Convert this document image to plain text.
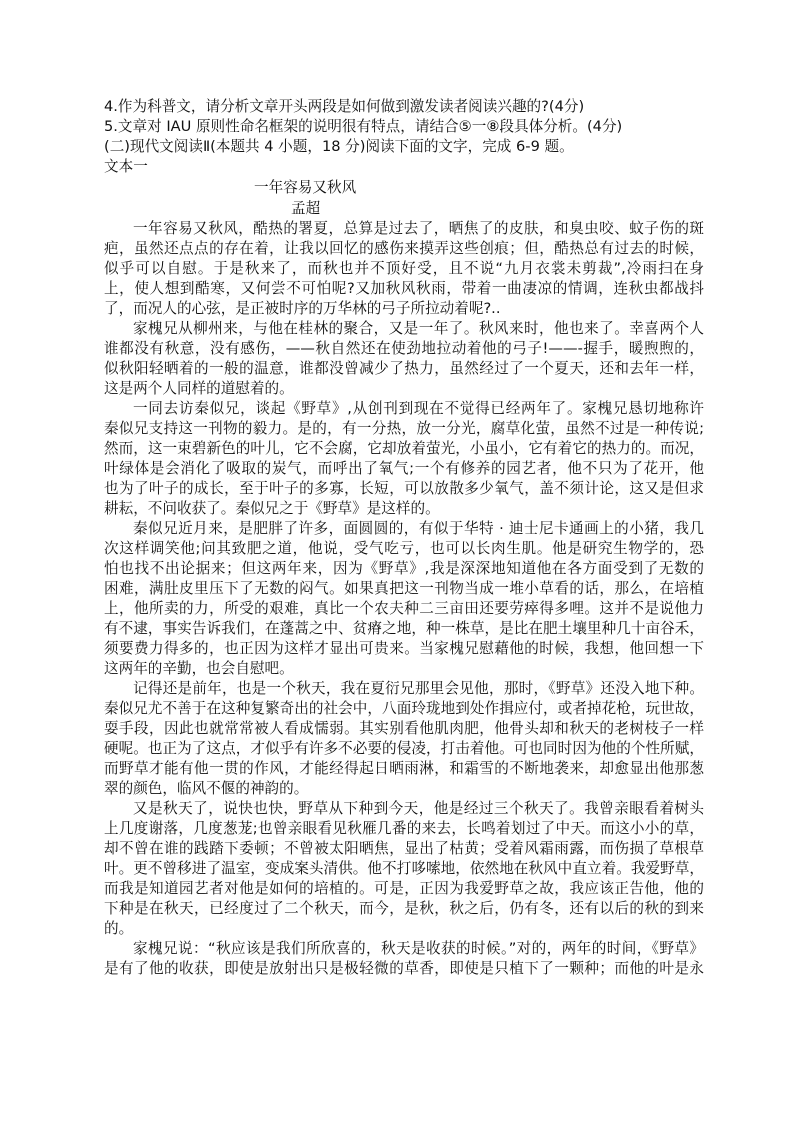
4.作为科普文，请分析文章开头两段是如何做到激发读者阅读兴趣的?(4分)
5.文章对 IAU 原则性命名框架的说明很有特点，请结合⑤一⑧段具体分析。(4分)
(二)现代文阅读Ⅱ(本题共 4 小题，18 分)阅读下面的文字，完成 6-9 题。
文本一
一年容易又秋风
孟超
一年容易又秋风，酷热的署夏，总算是过去了，晒焦了的皮肤，和臭虫咬、蚊子伤的斑
疤，虽然还点点的存在着，让我以回忆的感伤来摸弄这些创痕；但，酷热总有过去的时候，
似乎可以自慰。于是秋来了，而秋也并不顶好受，且不说“九月衣裳未剪裁”,冷雨扫在身
上，使人想到酷寒，又何尝不可怕呢?又加秋风秋雨，带着一曲凄凉的情调，连秋虫都战抖
了，而况人的心弦，是正被时序的万华林的弓子所拉动着呢?..
家槐兄从柳州来，与他在桂林的聚合，又是一年了。秋风来时，他也来了。幸喜两个人
谁都没有秋意，没有感伤，——秋自然还在使劲地拉动着他的弓子!——-握手，暖煦煦的，
似秋阳轻晒着的一般的温意，谁都没曾减少了热力，虽然经过了一个夏天，还和去年一样，
这是两个人同样的道慰着的。
一同去访秦似兄，谈起《野草》,从创刊到现在不觉得已经两年了。家槐兄恳切地称许
秦似兄支持这一刊物的毅力。是的，有一分热，放一分光，腐草化萤，虽然不过是一种传说;
然而，这一束碧新色的叶儿，它不会腐，它却放着萤光，小虽小，它有着它的热力的。而况，
叶绿体是会消化了吸取的炭气，而呼出了氧气;一个有修养的园艺者，他不只为了花开，他
也为了叶子的成长，至于叶子的多寡，长短，可以放散多少氧气，盖不须计论，这又是但求
耕耘，不问收获了。秦似兄之于《野草》是这样的。
秦似兄近月来，是肥胖了许多，面圆圆的，有似于华特 · 迪士尼卡通画上的小猪，我几
次这样调笑他;问其致肥之道，他说，受气吃亏，也可以长肉生肌。他是研究生物学的，恐
怕也找不出论据来；但这两年来，因为《野草》,我是深深地知道他在各方面受到了无数的
困难，满肚皮里压下了无数的闷气。如果真把这一刊物当成一堆小草看的话，那么，在培植
上，他所卖的力，所受的艰难，真比一个农夫种二三亩田还要劳瘁得多哩。这并不是说他力
有不逮，事实告诉我们，在蓬蒿之中、贫瘠之地，种一株草，是比在肥土壤里种几十亩谷禾，
须要费力得多的，也正因为这样才显出可贵来。当家槐兄慰藉他的时候，我想，他回想一下
这两年的辛勤，也会自慰吧。
记得还是前年，也是一个秋天，我在夏衍兄那里会见他，那时，《野草》还没入地下种。
秦似兄尤不善于在这种复繁奇出的社会中，八面玲珑地到处作揖应付，或者掉花枪，玩世故，
耍手段，因此也就常常被人看成懦弱。其实别看他肌肉肥，他骨头却和秋天的老树枝子一样
硬呢。也正为了这点，才似乎有许多不必要的侵凌，打击着他。可也同时因为他的个性所赋，
而野草才能有他一贯的作风，才能经得起日晒雨淋，和霜雪的不断地袭来，却愈显出他那葱
翠的颜色，临风不偃的神韵的。
又是秋天了，说快也快，野草从下种到今天，他是经过三个秋天了。我曾亲眼看着树头
上几度谢落，几度葱茏;也曾亲眼看见秋雁几番的来去，长鸣着划过了中天。而这小小的草，
却不曾在谁的践踏下委顿；不曾被太阳晒焦，显出了枯黄；受着风霜雨露，而伤损了草根草
叶。更不曾移进了温室，变成案头清供。他不打哆嗦地，依然地在秋风中直立着。我爱野草，
而我是知道园艺者对他是如何的培植的。可是，正因为我爱野草之故，我应该正告他，他的
下种是在秋天，已经度过了二个秋天，而今，是秋，秋之后，仍有冬，还有以后的秋的到来
的。
家槐兄说：“秋应该是我们所欣喜的，秋天是收获的时候。”对的，两年的时间，《野草》
是有了他的收获，即使是放射出只是极轻微的草香，即使是只植下了一颗种；而他的叶是永
